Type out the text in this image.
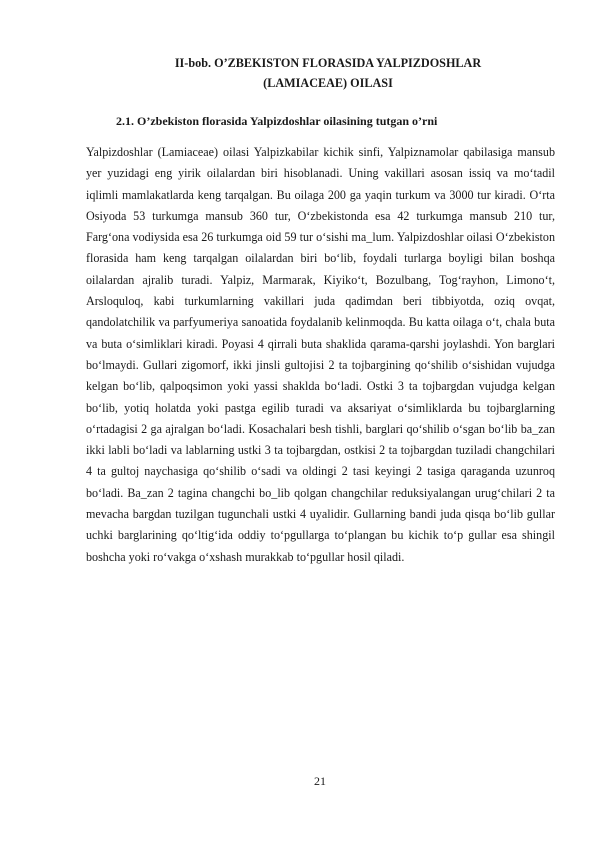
II-bob. O’ZBEKISTON FLORASIDA YALPIZDOSHLAR
(LAMIACEAE) OILASI
2.1. O’zbekiston florasida Yalpizdoshlar oilasining tutgan o’rni

Yalpizdoshlar (Lamiaceae) oilasi Yalpizkabilar kichik sinfi, Yalpiznamolar qabilasiga mansub yer yuzidagi eng yirik oilalardan biri hisoblanadi. Uning vakillari asosan issiq va mo‘tadil iqlimli mamlakatlarda keng tarqalgan. Bu oilaga 200 ga yaqin turkum va 3000 tur kiradi. O‘rta Osiyoda 53 turkumga mansub 360 tur, O‘zbekistonda esa 42 turkumga mansub 210 tur, Farg‘ona vodiysida esa 26 turkumga oid 59 tur o‘sishi ma_lum. Yalpizdoshlar oilasi O‘zbekiston florasida ham keng tarqalgan oilalardan biri bo‘lib, foydali turlarga boyligi bilan boshqa oilalardan ajralib turadi. Yalpiz, Marmarak, Kiyiko‘t, Bozulbang, Tog‘rayhon, Limono‘t, Arsloquloq, kabi turkumlarning vakillari juda qadimdan beri tibbiyotda, oziq ovqat, qandolatchilik va parfyumeriya sanoatida foydalanib kelinmoqda. Bu katta oilaga o‘t, chala buta va buta o‘simliklari kiradi. Poyasi 4 qirrali buta shaklida qarama-qarshi joylashdi. Yon barglari bo‘lmaydi. Gullari zigomorf, ikki jinsli gultojisi 2 ta tojbargining qo‘shilib o‘sishidan vujudga kelgan bo‘lib, qalpoqsimon yoki yassi shaklda bo‘ladi. Ostki 3 ta tojbargdan vujudga kelgan bo‘lib, yotiq holatda yoki pastga egilib turadi va aksariyat o‘simliklarda bu tojbarglarning o‘rtadagisi 2 ga ajralgan bo‘ladi. Kosachalari besh tishli, barglari qo‘shilib o‘sgan bo‘lib ba_zan ikki labli bo‘ladi va lablarning ustki 3 ta tojbargdan, ostkisi 2 ta tojbargdan tuziladi changchilari 4 ta gultoj naychasiga qo‘shilib o‘sadi va oldingi 2 tasi keyingi 2 tasiga qaraganda uzunroq bo‘ladi. Ba_zan 2 tagina changchi bo_lib qolgan changchilar reduksiyalangan urug‘chilari 2 ta mevacha bargdan tuzilgan tugunchali ustki 4 uyalidir. Gullarning bandi juda qisqa bo‘lib gullar uchki barglarining qo‘ltig‘ida oddiy to‘pgullarga to‘plangan bu kichik to‘p gullar esa shingil boshcha yoki ro‘vakga o‘xshash murakkab to‘pgullar hosil qiladi.

21
